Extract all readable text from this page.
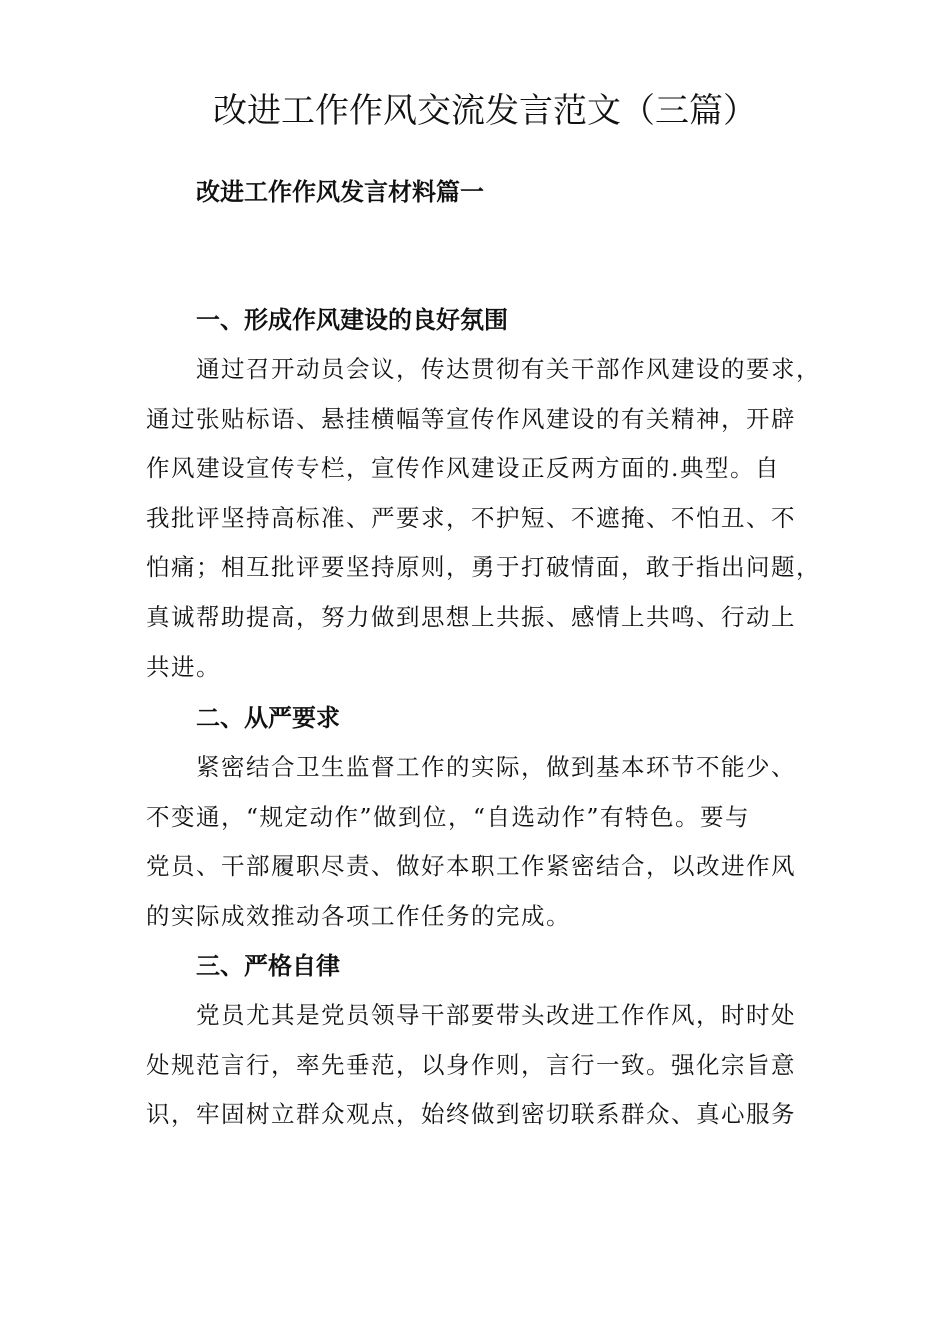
改进工作作风交流发言范文（三篇）
改进工作作风发言材料篇一
一、形成作风建设的良好氛围
通过召开动员会议，传达贯彻有关干部作风建设的要求，
通过张贴标语、悬挂横幅等宣传作风建设的有关精神，开辟
作风建设宣传专栏，宣传作风建设正反两方面的.典型。自
我批评坚持高标准、严要求，不护短、不遮掩、不怕丑、不
怕痛；相互批评要坚持原则，勇于打破情面，敢于指出问题，
真诚帮助提高，努力做到思想上共振、感情上共鸣、行动上
共进。
二、从严要求
紧密结合卫生监督工作的实际，做到基本环节不能少、
不变通，“规定动作”做到位，“自选动作”有特色。要与
党员、干部履职尽责、做好本职工作紧密结合，以改进作风
的实际成效推动各项工作任务的完成。
三、严格自律
党员尤其是党员领导干部要带头改进工作作风，时时处
处规范言行，率先垂范，以身作则，言行一致。强化宗旨意
识，牢固树立群众观点，始终做到密切联系群众、真心服务
